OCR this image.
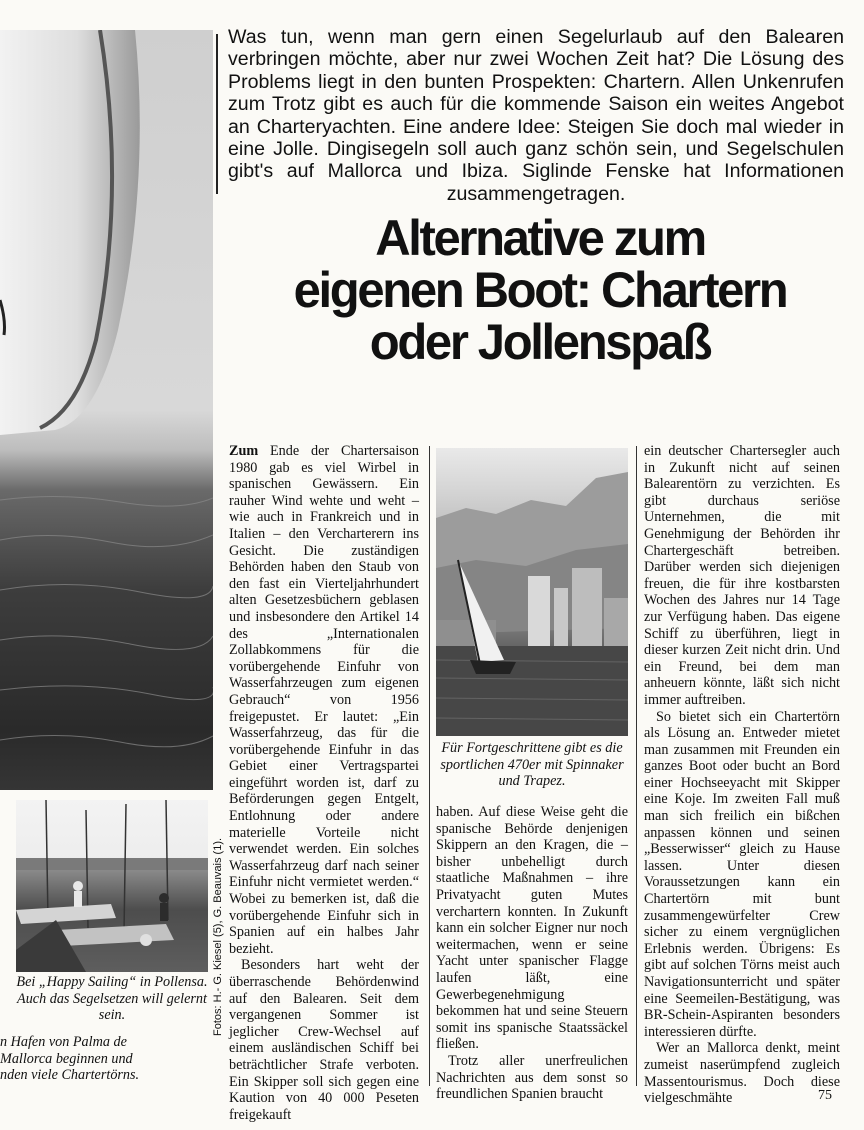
Was tun, wenn man gern einen Segelurlaub auf den Balearen verbringen möchte, aber nur zwei Wochen Zeit hat? Die Lösung des Problems liegt in den bunten Prospekten: Chartern. Allen Unkenrufen zum Trotz gibt es auch für die kommende Saison ein weites Angebot an Charteryachten. Eine andere Idee: Steigen Sie doch mal wieder in eine Jolle. Dingisegeln soll auch ganz schön sein, und Segelschulen gibt's auf Mallorca und Ibiza. Siglinde Fenske hat Informationen zusammengetragen.
Alternative zum
eigenen Boot: Chartern
oder Jollenspaß

Zum Ende der Chartersaison 1980 gab es viel Wirbel in spanischen Gewässern. Ein rauher Wind wehte und weht – wie auch in Frankreich und in Italien – den Vercharterern ins Gesicht. Die zuständigen Behörden haben den Staub von den fast ein Vierteljahrhundert alten Gesetzesbüchern geblasen und insbesondere den Artikel 14 des „Internationalen Zollabkommens für die vorübergehende Einfuhr von Wasserfahrzeugen zum eigenen Gebrauch“ von 1956 freigepustet. Er lautet: „Ein Wasserfahrzeug, das für die vorübergehende Einfuhr in das Gebiet einer Vertragspartei eingeführt worden ist, darf zu Beförderungen gegen Entgelt, Entlohnung oder andere materielle Vorteile nicht verwendet werden. Ein solches Wasserfahrzeug darf nach seiner Einfuhr nicht vermietet werden.“ Wobei zu bemerken ist, daß die vorübergehende Einfuhr sich in Spanien auf ein halbes Jahr bezieht.

Besonders hart weht der überraschende Behördenwind auf den Balearen. Seit dem vergangenen Sommer ist jeglicher Crew-Wechsel auf einem ausländischen Schiff bei beträchtlicher Strafe verboten. Ein Skipper soll sich gegen eine Kaution von 40 000 Peseten freigekauft

Für Fortgeschrittene gibt es die sportlichen 470er mit Spinnaker und Trapez.

haben. Auf diese Weise geht die spanische Behörde denjenigen Skippern an den Kragen, die – bisher unbehelligt durch staatliche Maßnahmen – ihre Privatyacht guten Mutes verchartern konnten. In Zukunft kann ein solcher Eigner nur noch weitermachen, wenn er seine Yacht unter spanischer Flagge laufen läßt, eine Gewerbegenehmigung bekommen hat und seine Steuern somit ins spanische Staatssäckel fließen.

Trotz aller unerfreulichen Nachrichten aus dem sonst so freundlichen Spanien braucht

ein deutscher Chartersegler auch in Zukunft nicht auf seinen Balearentörn zu verzichten. Es gibt durchaus seriöse Unternehmen, die mit Genehmigung der Behörden ihr Chartergeschäft betreiben. Darüber werden sich diejenigen freuen, die für ihre kostbarsten Wochen des Jahres nur 14 Tage zur Verfügung haben. Das eigene Schiff zu überführen, liegt in dieser kurzen Zeit nicht drin. Und ein Freund, bei dem man anheuern könnte, läßt sich nicht immer auftreiben.

So bietet sich ein Chartertörn als Lösung an. Entweder mietet man zusammen mit Freunden ein ganzes Boot oder bucht an Bord einer Hochseeyacht mit Skipper eine Koje. Im zweiten Fall muß man sich freilich ein bißchen anpassen können und seinen „Besserwisser“ gleich zu Hause lassen. Unter diesen Voraussetzungen kann ein Chartertörn mit bunt zusammengewürfelter Crew sicher zu einem vergnüglichen Erlebnis werden. Übrigens: Es gibt auf solchen Törns meist auch Navigationsunterricht und später eine Seemeilen-Bestätigung, was BR-Schein-Aspiranten besonders interessieren dürfte.

Wer an Mallorca denkt, meint zumeist naserümpfend zugleich Massentourismus. Doch diese vielgeschmähte

Bei „Happy Sailing“ in Pollensa. Auch das Segelsetzen will gelernt sein.	Fotos: H.- G. Kiesel (5), G. Beauvais (1).
n Hafen von Palma de
Mallorca beginnen und
nden viele Chartertörns.
75
